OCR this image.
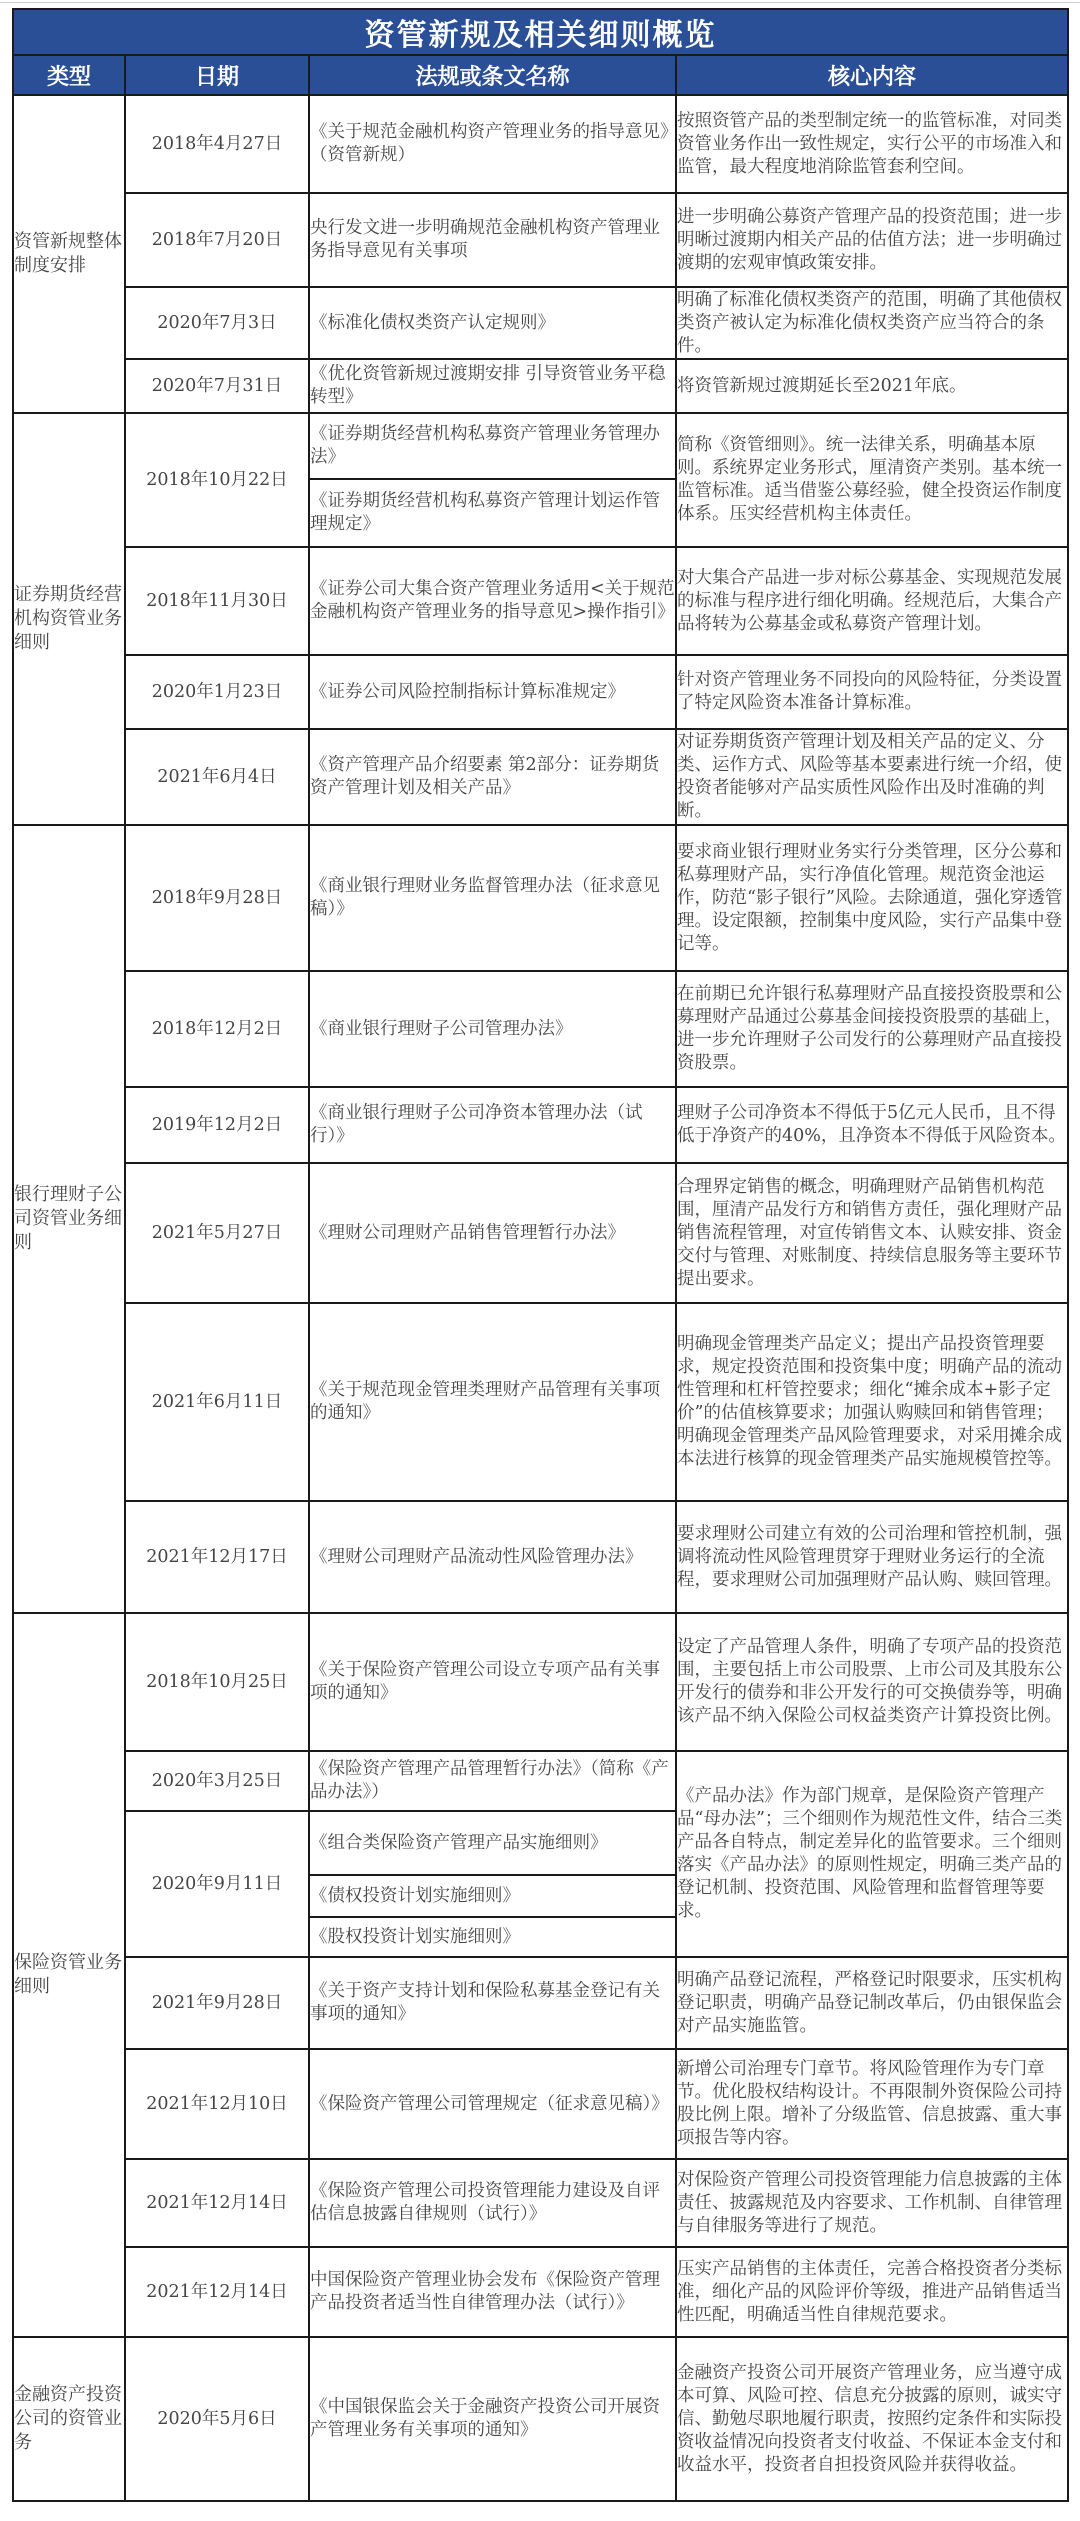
资管新规及相关细则概览			
类型	日期	法规或条文名称	核心内容
资管新规整体制度安排	2018年4月27日	《关于规范金融机构资产管理业务的指导意见》（资管新规）	按照资管产品的类型制定统一的监管标准，对同类资管业务作出一致性规定，实行公平的市场准入和监管，最大程度地消除监管套利空间。
	2018年7月20日	央行发文进一步明确规范金融机构资产管理业务指导意见有关事项	进一步明确公募资产管理产品的投资范围；进一步明晰过渡期内相关产品的估值方法；进一步明确过渡期的宏观审慎政策安排。
	2020年7月3日	《标准化债权类资产认定规则》	明确了标准化债权类资产的范围，明确了其他债权类资产被认定为标准化债权类资产应当符合的条件。
	2020年7月31日	《优化资管新规过渡期安排 引导资管业务平稳转型》	将资管新规过渡期延长至2021年底。
证券期货经营机构资管业务细则	2018年10月22日	《证券期货经营机构私募资产管理业务管理办法》	简称《资管细则》。统一法律关系，明确基本原则。系统界定业务形式，厘清资产类别。基本统一监管标准。适当借鉴公募经验，健全投资运作制度体系。压实经营机构主体责任。
		《证券期货经营机构私募资产管理计划运作管理规定》	
	2018年11月30日	《证券公司大集合资产管理业务适用<关于规范金融机构资产管理业务的指导意见>操作指引》	对大集合产品进一步对标公募基金、实现规范发展的标准与程序进行细化明确。经规范后，大集合产品将转为公募基金或私募资产管理计划。
	2020年1月23日	《证券公司风险控制指标计算标准规定》	针对资产管理业务不同投向的风险特征，分类设置了特定风险资本准备计算标准。
	2021年6月4日	《资产管理产品介绍要素 第2部分：证券期货资产管理计划及相关产品》	对证券期货资产管理计划及相关产品的定义、分类、运作方式、风险等基本要素进行统一介绍，使投资者能够对产品实质性风险作出及时准确的判断。
银行理财子公司资管业务细则	2018年9月28日	《商业银行理财业务监督管理办法（征求意见稿）》	要求商业银行理财业务实行分类管理，区分公募和私募理财产品，实行净值化管理。规范资金池运作，防范“影子银行”风险。去除通道，强化穿透管理。设定限额，控制集中度风险，实行产品集中登记等。
	2018年12月2日	《商业银行理财子公司管理办法》	在前期已允许银行私募理财产品直接投资股票和公募理财产品通过公募基金间接投资股票的基础上，进一步允许理财子公司发行的公募理财产品直接投资股票。
	2019年12月2日	《商业银行理财子公司净资本管理办法（试行）》	理财子公司净资本不得低于5亿元人民币，且不得低于净资产的40%，且净资本不得低于风险资本。
	2021年5月27日	《理财公司理财产品销售管理暂行办法》	合理界定销售的概念，明确理财产品销售机构范围，厘清产品发行方和销售方责任，强化理财产品销售流程管理，对宣传销售文本、认赎安排、资金交付与管理、对账制度、持续信息服务等主要环节提出要求。
	2021年6月11日	《关于规范现金管理类理财产品管理有关事项的通知》	明确现金管理类产品定义；提出产品投资管理要求，规定投资范围和投资集中度；明确产品的流动性管理和杠杆管控要求；细化“摊余成本+影子定价”的估值核算要求；加强认购赎回和销售管理；明确现金管理类产品风险管理要求，对采用摊余成本法进行核算的现金管理类产品实施规模管控等。
	2021年12月17日	《理财公司理财产品流动性风险管理办法》	要求理财公司建立有效的公司治理和管控机制，强调将流动性风险管理贯穿于理财业务运行的全流程，要求理财公司加强理财产品认购、赎回管理。
保险资管业务细则	2018年10月25日	《关于保险资产管理公司设立专项产品有关事项的通知》	设定了产品管理人条件，明确了专项产品的投资范围，主要包括上市公司股票、上市公司及其股东公开发行的债券和非公开发行的可交换债券等，明确该产品不纳入保险公司权益类资产计算投资比例。
	2020年3月25日	《保险资产管理产品管理暂行办法》（简称《产品办法》）	《产品办法》作为部门规章，是保险资产管理产品“母办法”；三个细则作为规范性文件，结合三类产品各自特点，制定差异化的监管要求。三个细则落实《产品办法》的原则性规定，明确三类产品的登记机制、投资范围、风险管理和监督管理等要求。
	2020年9月11日	《组合类保险资产管理产品实施细则》	
		《债权投资计划实施细则》	
		《股权投资计划实施细则》	
	2021年9月28日	《关于资产支持计划和保险私募基金登记有关事项的通知》	明确产品登记流程，严格登记时限要求，压实机构登记职责，明确产品登记制改革后，仍由银保监会对产品实施监管。
	2021年12月10日	《保险资产管理公司管理规定（征求意见稿）》	新增公司治理专门章节。将风险管理作为专门章节。优化股权结构设计。不再限制外资保险公司持股比例上限。增补了分级监管、信息披露、重大事项报告等内容。
	2021年12月14日	《保险资产管理公司投资管理能力建设及自评估信息披露自律规则（试行）》	对保险资产管理公司投资管理能力信息披露的主体责任、披露规范及内容要求、工作机制、自律管理与自律服务等进行了规范。
	2021年12月14日	中国保险资产管理业协会发布《保险资产管理产品投资者适当性自律管理办法（试行）》	压实产品销售的主体责任，完善合格投资者分类标准，细化产品的风险评价等级，推进产品销售适当性匹配，明确适当性自律规范要求。
金融资产投资公司的资管业务	2020年5月6日	《中国银保监会关于金融资产投资公司开展资产管理业务有关事项的通知》	金融资产投资公司开展资产管理业务，应当遵守成本可算、风险可控、信息充分披露的原则，诚实守信、勤勉尽职地履行职责，按照约定条件和实际投资收益情况向投资者支付收益、不保证本金支付和收益水平，投资者自担投资风险并获得收益。
